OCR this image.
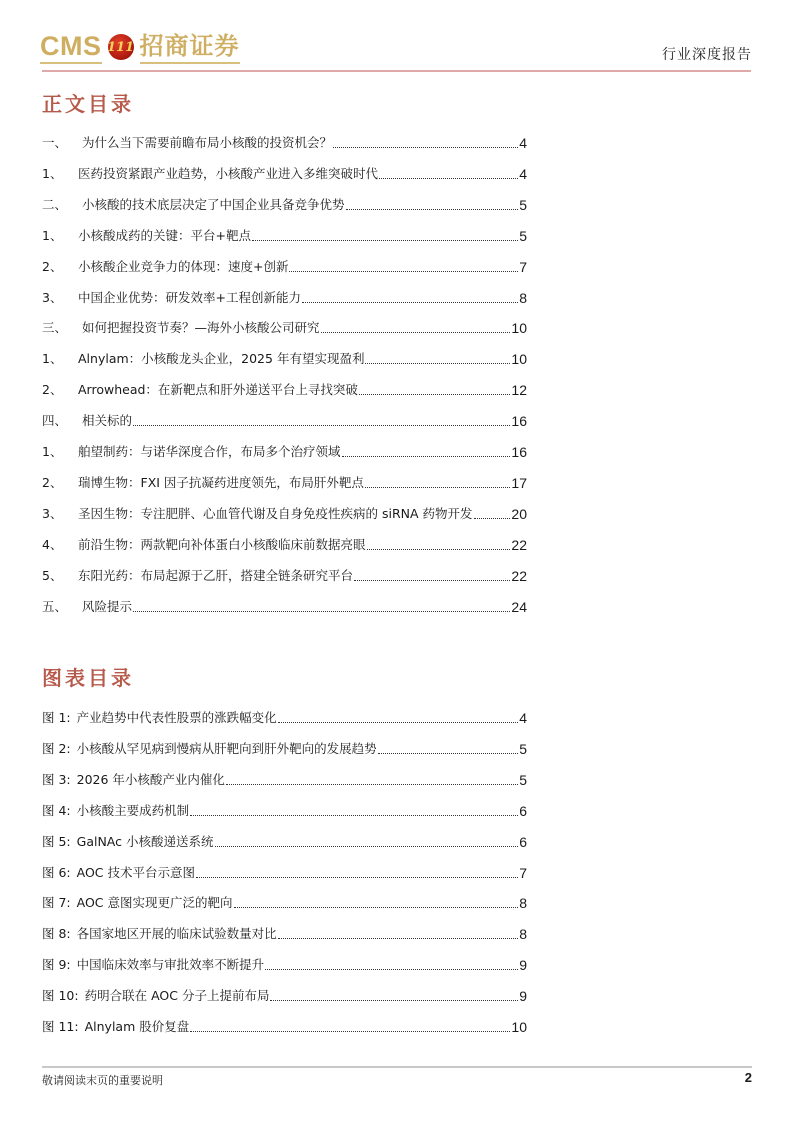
CMS 111 招商证券	行业深度报告
正文目录
一、	为什么当下需要前瞻布局小核酸的投资机会？	4
1、	医药投资紧跟产业趋势，小核酸产业进入多维突破时代	4
二、	小核酸的技术底层决定了中国企业具备竞争优势	5
1、	小核酸成药的关键：平台+靶点	5
2、	小核酸企业竞争力的体现：速度+创新	7
3、	中国企业优势：研发效率+工程创新能力	8
三、	如何把握投资节奏？—海外小核酸公司研究	10
1、	Alnylam：小核酸龙头企业，2025 年有望实现盈利	10
2、	Arrowhead：在新靶点和肝外递送平台上寻找突破	12
四、	相关标的	16
1、	舶望制药：与诺华深度合作，布局多个治疗领域	16
2、	瑞博生物：FXI 因子抗凝药进度领先，布局肝外靶点	17
3、	圣因生物：专注肥胖、心血管代谢及自身免疫性疾病的 siRNA 药物开发	20
4、	前沿生物：两款靶向补体蛋白小核酸临床前数据亮眼	22
5、	东阳光药：布局起源于乙肝，搭建全链条研究平台	22
五、	风险提示	24
图表目录
图 1: 产业趋势中代表性股票的涨跌幅变化	4
图 2: 小核酸从罕见病到慢病从肝靶向到肝外靶向的发展趋势	5
图 3: 2026 年小核酸产业内催化	5
图 4: 小核酸主要成药机制	6
图 5: GalNAc 小核酸递送系统	6
图 6: AOC 技术平台示意图	7
图 7: AOC 意图实现更广泛的靶向	8
图 8: 各国家地区开展的临床试验数量对比	8
图 9: 中国临床效率与审批效率不断提升	9
图 10: 药明合联在 AOC 分子上提前布局	9
图 11: Alnylam 股价复盘	10
敬请阅读末页的重要说明	2
